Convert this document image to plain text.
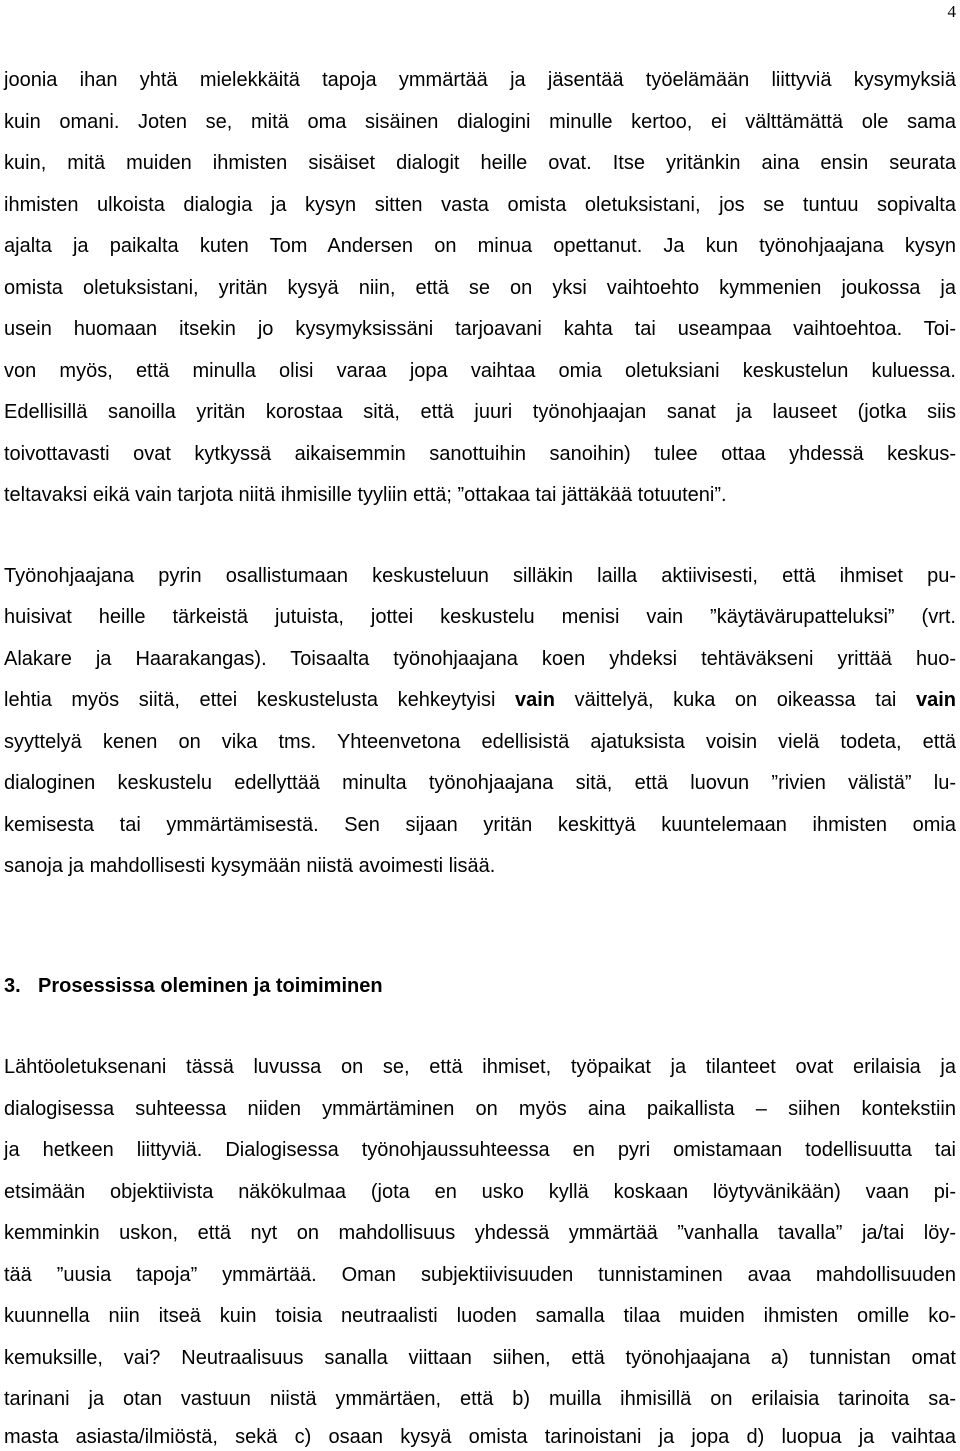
4
joonia ihan yhtä mielekkäitä tapoja ymmärtää ja jäsentää työelämään liittyviä kysymyksiä
kuin omani. Joten se, mitä oma sisäinen dialogini minulle kertoo, ei välttämättä ole sama
kuin, mitä muiden ihmisten sisäiset dialogit heille ovat. Itse yritänkin aina ensin seurata
ihmisten ulkoista dialogia ja kysyn sitten vasta omista oletuksistani, jos se tuntuu sopivalta
ajalta ja paikalta kuten Tom Andersen on minua opettanut. Ja kun työnohjaajana kysyn
omista oletuksistani, yritän kysyä niin, että se on yksi vaihtoehto kymmenien joukossa ja
usein huomaan itsekin jo kysymyksissäni tarjoavani kahta tai useampaa vaihtoehtoa. Toi-
von myös, että minulla olisi varaa jopa vaihtaa omia oletuksiani keskustelun kuluessa.
Edellisillä sanoilla yritän korostaa sitä, että juuri työnohjaajan sanat ja lauseet (jotka siis
toivottavasti ovat kytkyssä aikaisemmin sanottuihin sanoihin) tulee ottaa yhdessä keskus-
teltavaksi eikä vain tarjota niitä ihmisille tyyliin että; ”ottakaa tai jättäkää totuuteni”.
Työnohjaajana pyrin osallistumaan keskusteluun silläkin lailla aktiivisesti, että ihmiset pu-
huisivat heille tärkeistä jutuista, jottei keskustelu menisi vain ”käytävärupatteluksi” (vrt.
Alakare ja Haarakangas). Toisaalta työnohjaajana koen yhdeksi tehtäväkseni yrittää huo-
lehtia myös siitä, ettei keskustelusta kehkeytyisi vain väittelyä, kuka on oikeassa tai vain
syyttelyä kenen on vika tms. Yhteenvetona edellisistä ajatuksista voisin vielä todeta, että
dialoginen keskustelu edellyttää minulta työnohjaajana sitä, että luovun ”rivien välistä” lu-
kemisesta tai ymmärtämisestä. Sen sijaan yritän keskittyä kuuntelemaan ihmisten omia
sanoja ja mahdollisesti kysymään niistä avoimesti lisää.
3. Prosessissa oleminen ja toimiminen
Lähtöoletuksenani tässä luvussa on se, että ihmiset, työpaikat ja tilanteet ovat erilaisia ja
dialogisessa suhteessa niiden ymmärtäminen on myös aina paikallista – siihen kontekstiin
ja hetkeen liittyviä. Dialogisessa työnohjaussuhteessa en pyri omistamaan todellisuutta tai
etsimään objektiivista näkökulmaa (jota en usko kyllä koskaan löytyvänikään) vaan pi-
kemminkin uskon, että nyt on mahdollisuus yhdessä ymmärtää ”vanhalla tavalla” ja/tai löy-
tää ”uusia tapoja” ymmärtää. Oman subjektiivisuuden tunnistaminen avaa mahdollisuuden
kuunnella niin itseä kuin toisia neutraalisti luoden samalla tilaa muiden ihmisten omille ko-
kemuksille, vai? Neutraalisuus sanalla viittaan siihen, että työnohjaajana a) tunnistan omat
tarinani ja otan vastuun niistä ymmärtäen, että b) muilla ihmisillä on erilaisia tarinoita sa-
masta asiasta/ilmiöstä, sekä c) osaan kysyä omista tarinoistani ja jopa d) luopua ja vaihtaa
